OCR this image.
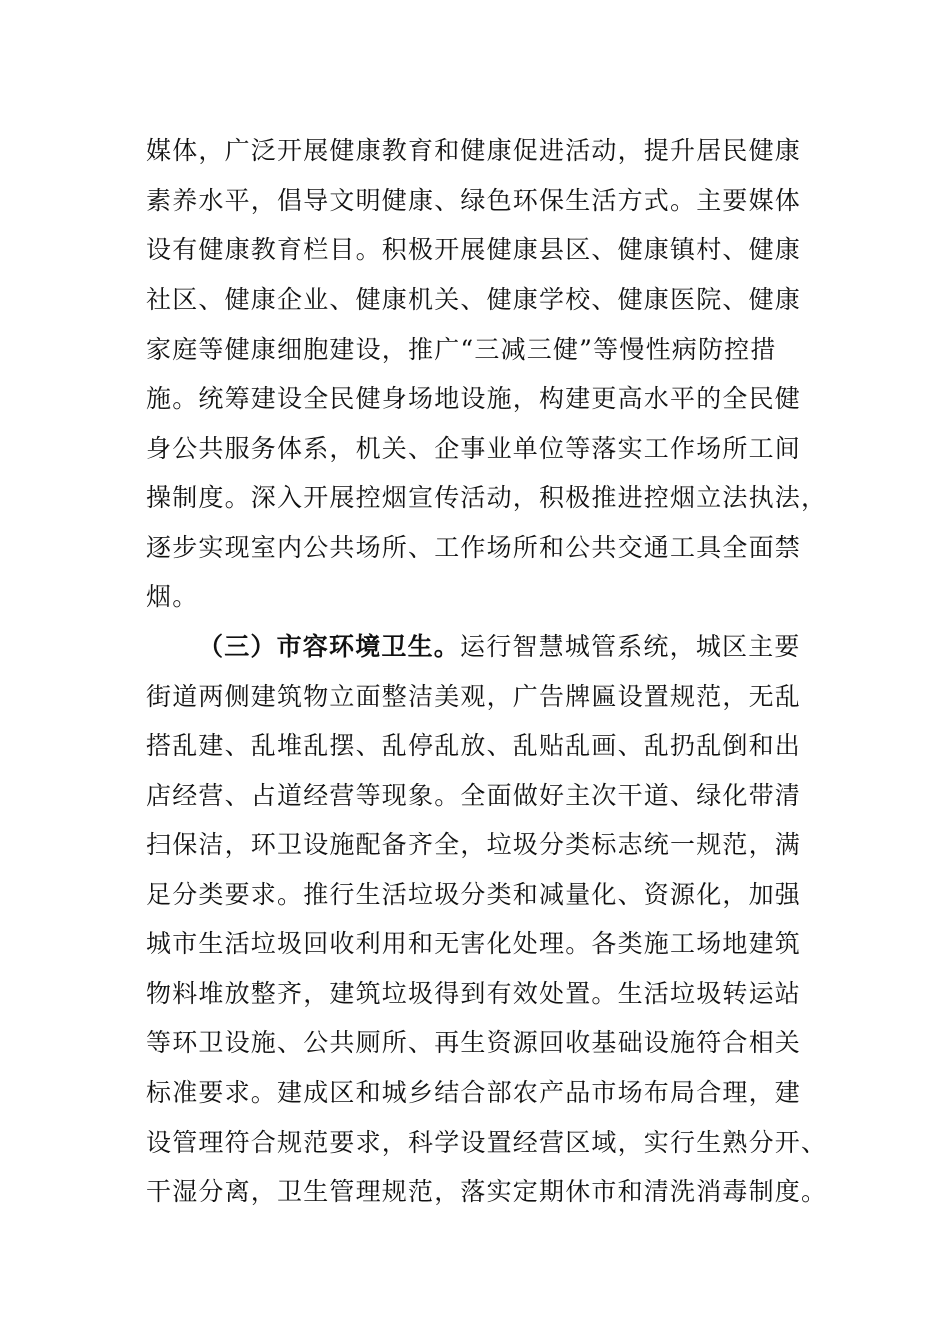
媒体，广泛开展健康教育和健康促进活动，提升居民健康
素养水平，倡导文明健康、绿色环保生活方式。主要媒体
设有健康教育栏目。积极开展健康县区、健康镇村、健康
社区、健康企业、健康机关、健康学校、健康医院、健康
家庭等健康细胞建设，推广“三减三健”等慢性病防控措
施。统筹建设全民健身场地设施，构建更高水平的全民健
身公共服务体系，机关、企事业单位等落实工作场所工间
操制度。深入开展控烟宣传活动，积极推进控烟立法执法，
逐步实现室内公共场所、工作场所和公共交通工具全面禁
烟。
（三）市容环境卫生。运行智慧城管系统，城区主要
街道两侧建筑物立面整洁美观，广告牌匾设置规范，无乱
搭乱建、乱堆乱摆、乱停乱放、乱贴乱画、乱扔乱倒和出
店经营、占道经营等现象。全面做好主次干道、绿化带清
扫保洁，环卫设施配备齐全，垃圾分类标志统一规范，满
足分类要求。推行生活垃圾分类和减量化、资源化，加强
城市生活垃圾回收利用和无害化处理。各类施工场地建筑
物料堆放整齐，建筑垃圾得到有效处置。生活垃圾转运站
等环卫设施、公共厕所、再生资源回收基础设施符合相关
标准要求。建成区和城乡结合部农产品市场布局合理，建
设管理符合规范要求，科学设置经营区域，实行生熟分开、
干湿分离，卫生管理规范，落实定期休市和清洗消毒制度。
